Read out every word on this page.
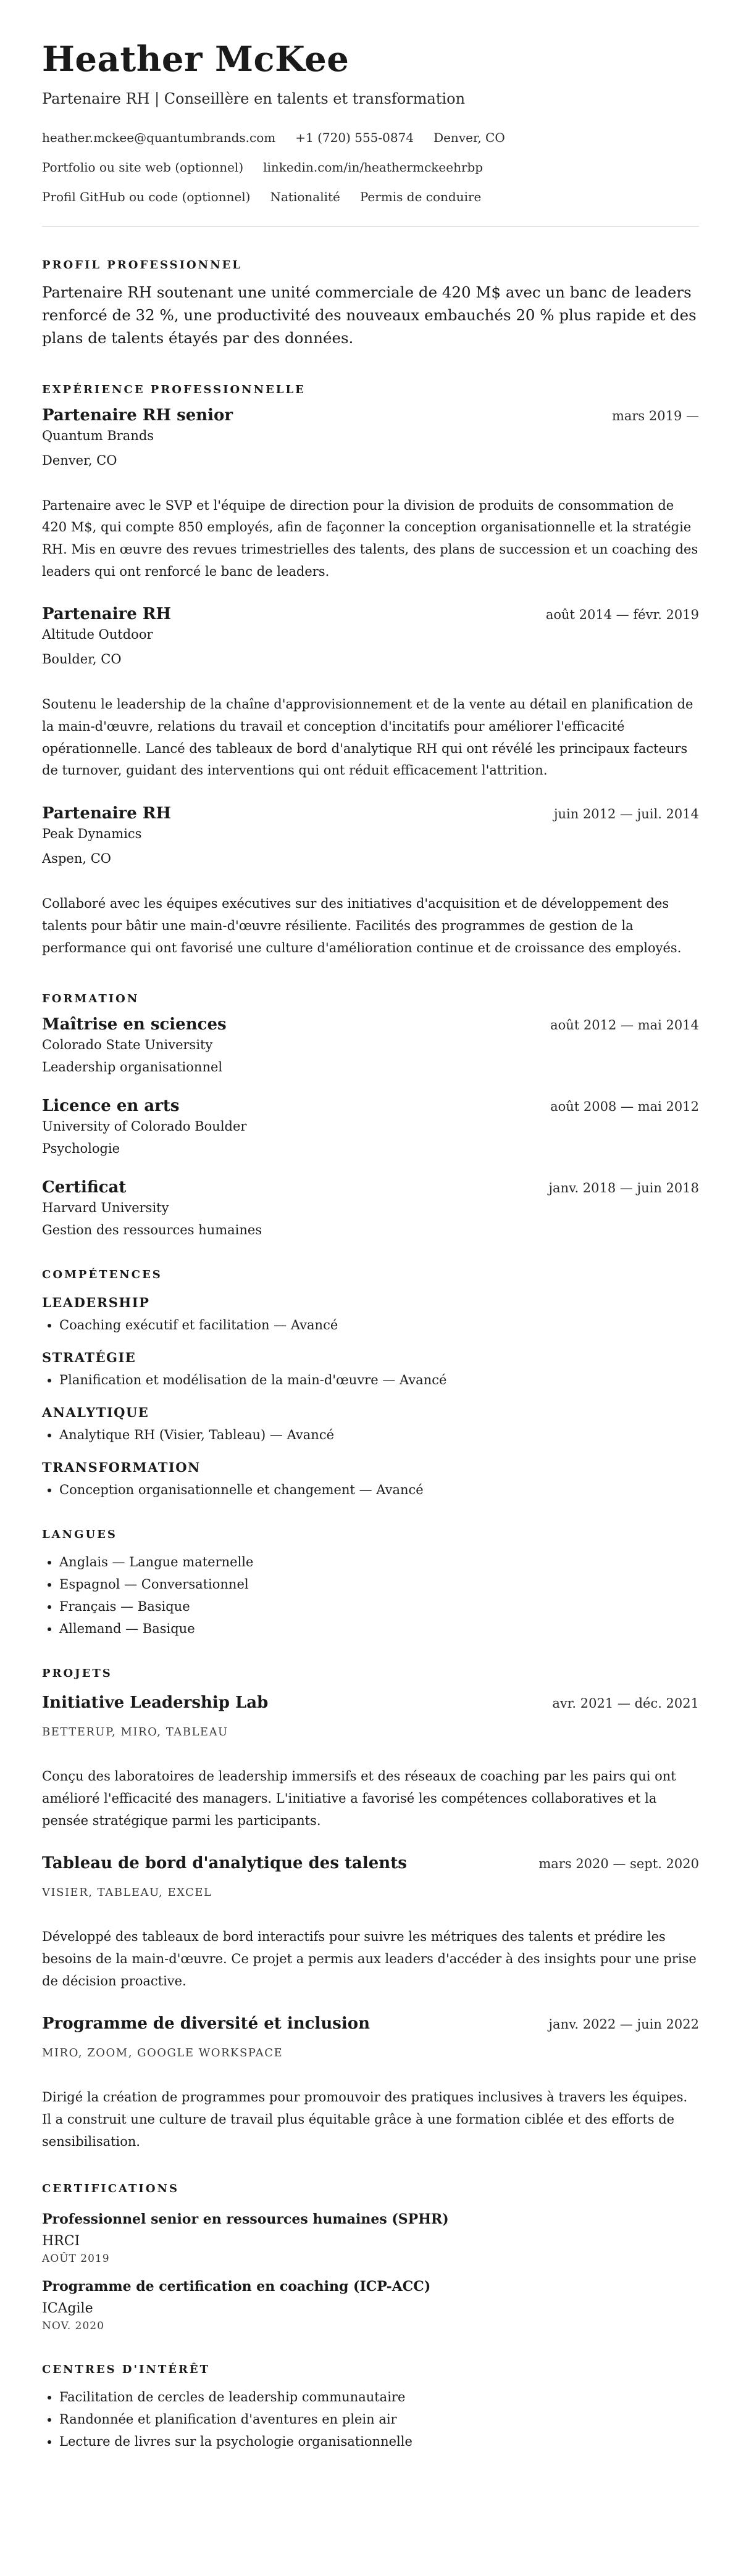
Heather McKee
Partenaire RH | Conseillère en talents et transformation
heather.mckee@quantumbrands.com +1 (720) 555-0874 Denver, CO
Portfolio ou site web (optionnel) linkedin.com/in/heathermckeehrbp
Profil GitHub ou code (optionnel) Nationalité Permis de conduire
PROFIL PROFESSIONNEL

Partenaire RH soutenant une unité commerciale de 420 M$ avec un banc de leaders renforcé de 32 %, une productivité des nouveaux embauchés 20 % plus rapide et des plans de talents étayés par des données.

EXPÉRIENCE PROFESSIONNELLE
Partenaire RH senior	mars 2019 —
Quantum Brands
Denver, CO

Partenaire avec le SVP et l'équipe de direction pour la division de produits de consommation de 420 M$, qui compte 850 employés, afin de façonner la conception organisationnelle et la stratégie RH. Mis en œuvre des revues trimestrielles des talents, des plans de succession et un coaching des leaders qui ont renforcé le banc de leaders.

Partenaire RH	août 2014 — févr. 2019
Altitude Outdoor
Boulder, CO

Soutenu le leadership de la chaîne d'approvisionnement et de la vente au détail en planification de la main-d'œuvre, relations du travail et conception d'incitatifs pour améliorer l'efficacité opérationnelle. Lancé des tableaux de bord d'analytique RH qui ont révélé les principaux facteurs de turnover, guidant des interventions qui ont réduit efficacement l'attrition.

Partenaire RH	juin 2012 — juil. 2014
Peak Dynamics
Aspen, CO

Collaboré avec les équipes exécutives sur des initiatives d'acquisition et de développement des talents pour bâtir une main-d'œuvre résiliente. Facilités des programmes de gestion de la performance qui ont favorisé une culture d'amélioration continue et de croissance des employés.

FORMATION
Maîtrise en sciences	août 2012 — mai 2014
Colorado State University
Leadership organisationnel
Licence en arts	août 2008 — mai 2012
University of Colorado Boulder
Psychologie
Certificat	janv. 2018 — juin 2018
Harvard University
Gestion des ressources humaines
COMPÉTENCES
LEADERSHIP
• Coaching exécutif et facilitation — Avancé
STRATÉGIE
• Planification et modélisation de la main-d'œuvre — Avancé
ANALYTIQUE
• Analytique RH (Visier, Tableau) — Avancé
TRANSFORMATION
• Conception organisationnelle et changement — Avancé
LANGUES
• Anglais — Langue maternelle
• Espagnol — Conversationnel
• Français — Basique
• Allemand — Basique
PROJETS
Initiative Leadership Lab	avr. 2021 — déc. 2021
BETTERUP, MIRO, TABLEAU

Conçu des laboratoires de leadership immersifs et des réseaux de coaching par les pairs qui ont amélioré l'efficacité des managers. L'initiative a favorisé les compétences collaboratives et la pensée stratégique parmi les participants.

Tableau de bord d'analytique des talents	mars 2020 — sept. 2020
VISIER, TABLEAU, EXCEL

Développé des tableaux de bord interactifs pour suivre les métriques des talents et prédire les besoins de la main-d'œuvre. Ce projet a permis aux leaders d'accéder à des insights pour une prise de décision proactive.

Programme de diversité et inclusion	janv. 2022 — juin 2022
MIRO, ZOOM, GOOGLE WORKSPACE

Dirigé la création de programmes pour promouvoir des pratiques inclusives à travers les équipes. Il a construit une culture de travail plus équitable grâce à une formation ciblée et des efforts de sensibilisation.

CERTIFICATIONS
Professionnel senior en ressources humaines (SPHR)
HRCI
AOÛT 2019
Programme de certification en coaching (ICP-ACC)
ICAgile
NOV. 2020
CENTRES D'INTÉRÊT
• Facilitation de cercles de leadership communautaire
• Randonnée et planification d'aventures en plein air
• Lecture de livres sur la psychologie organisationnelle
